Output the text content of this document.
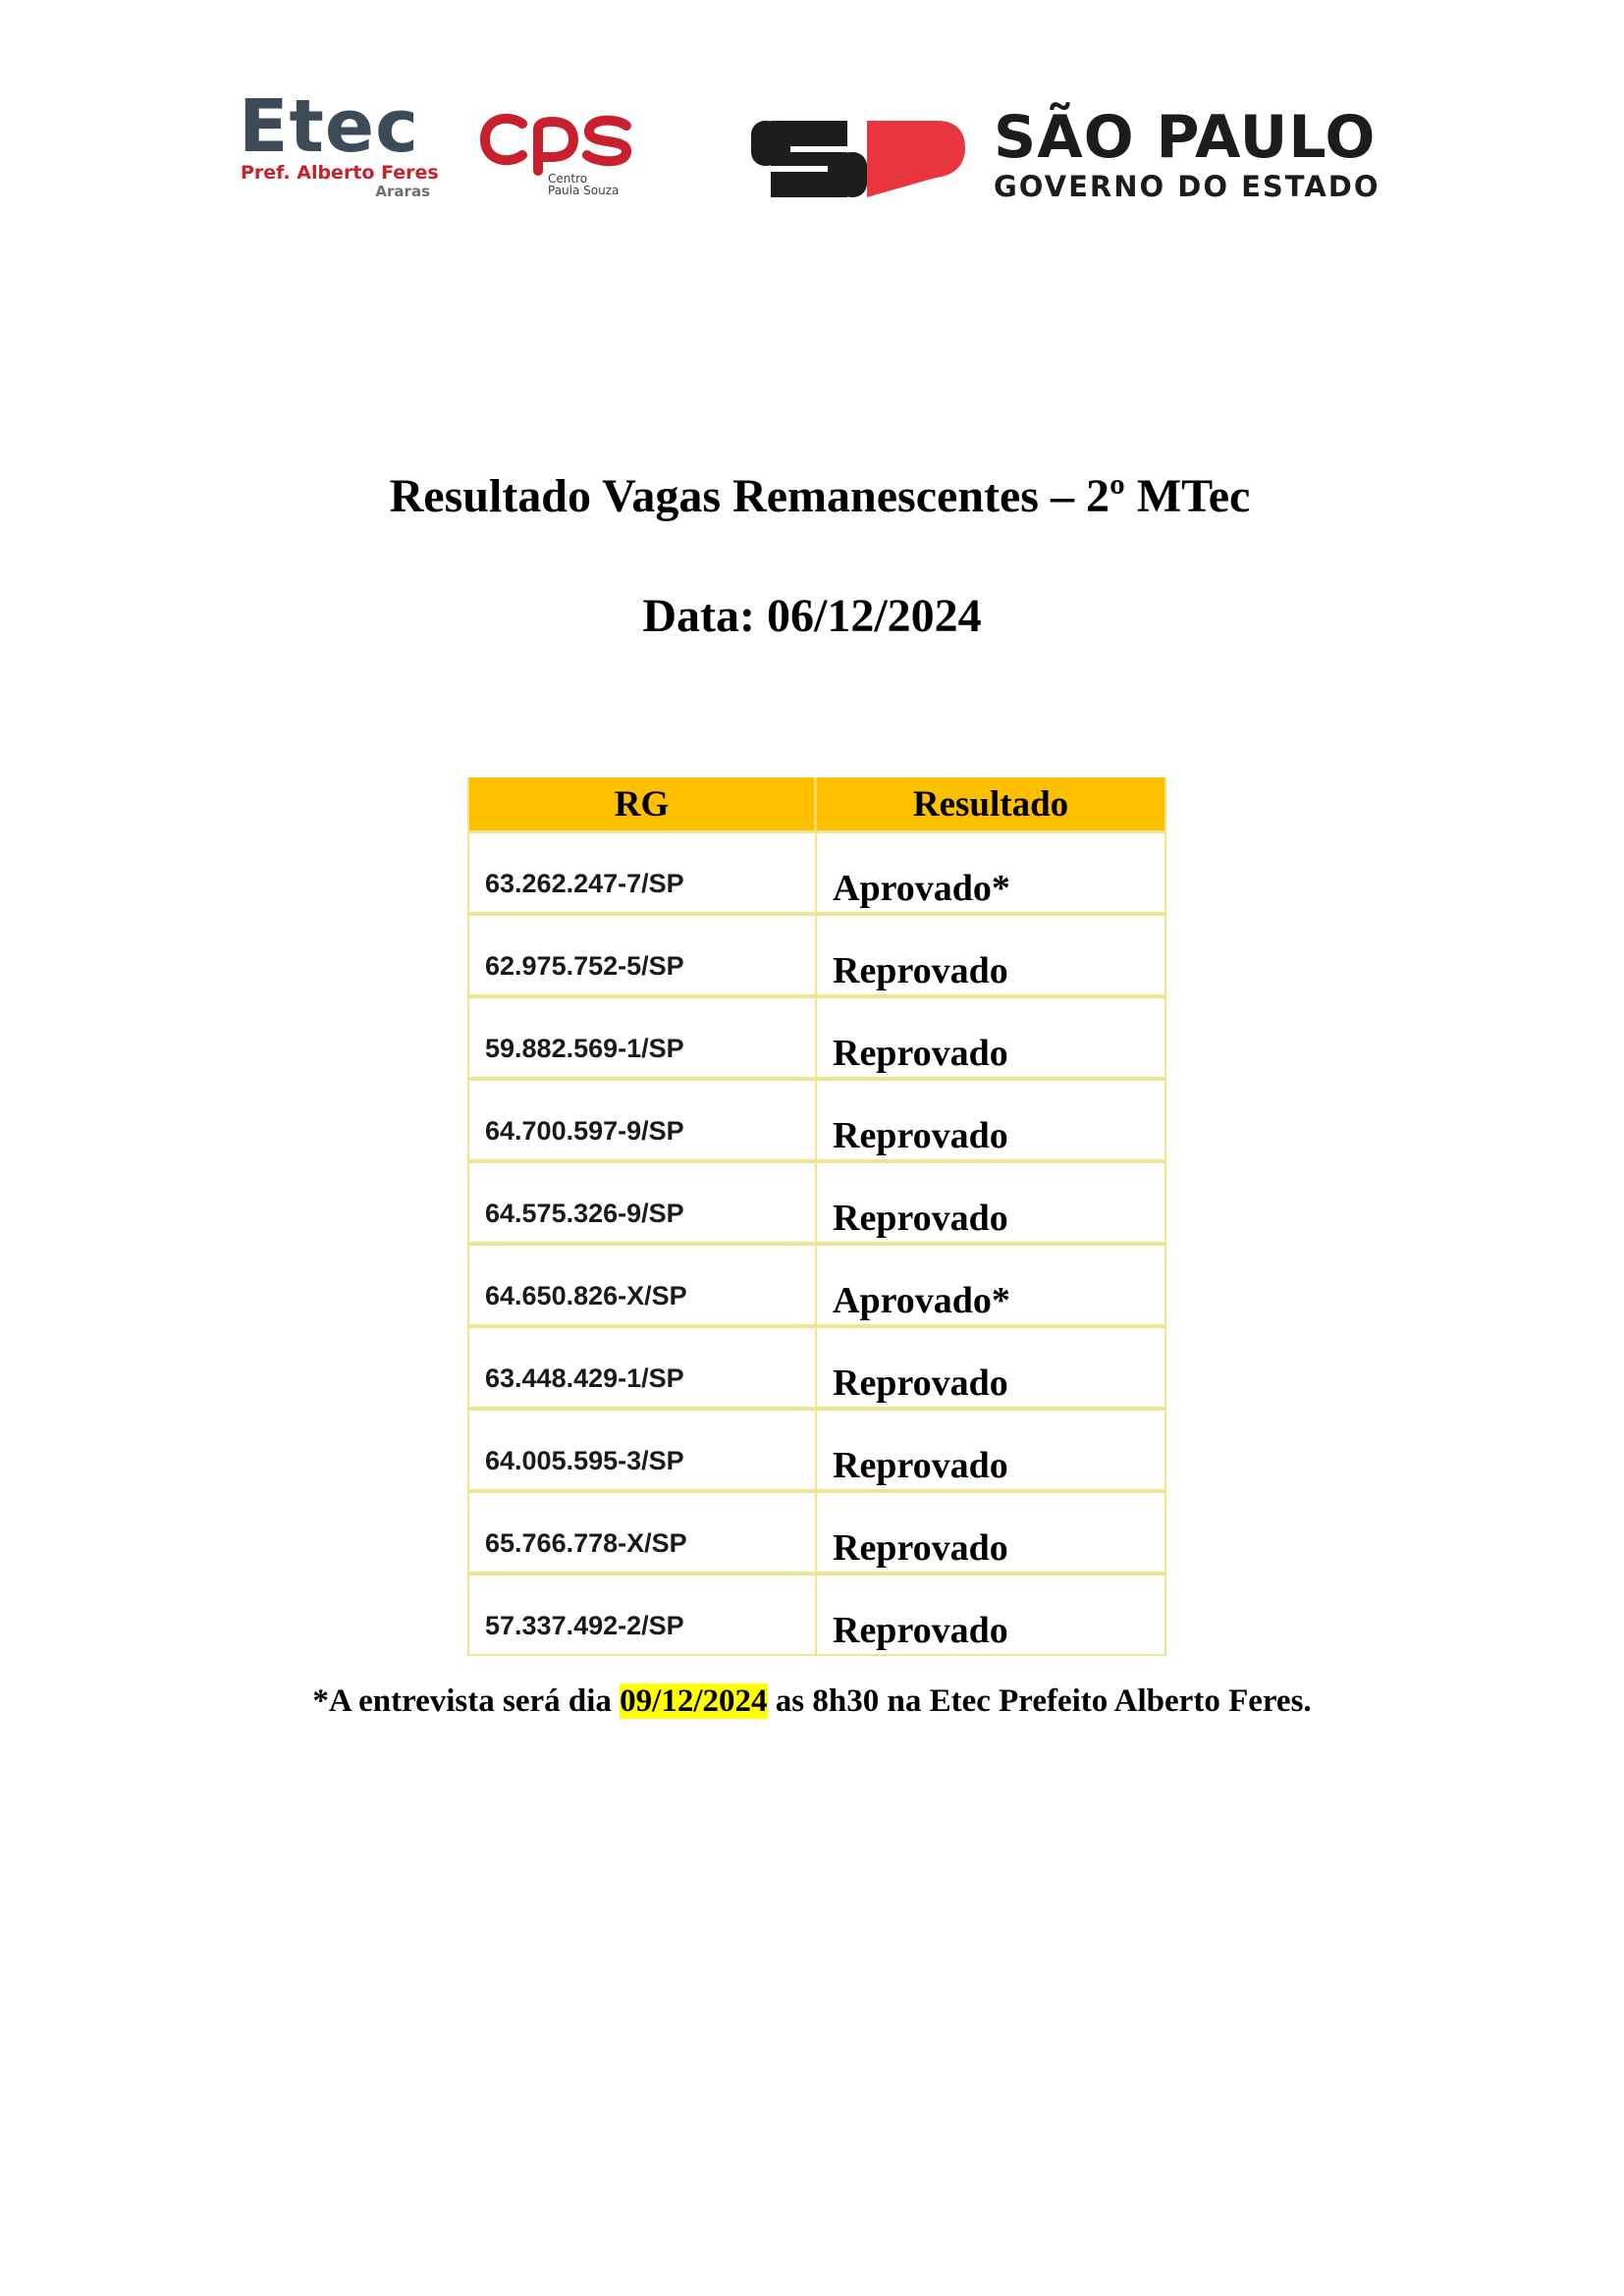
Etec
Pref. Alberto Feres
Araras
Centro
Paula Souza
SÃO PAULO
GOVERNO DO ESTADO
Resultado Vagas Remanescentes – 2º MTec
Data: 06/12/2024
RG	Resultado
63.262.247-7/SP	Aprovado*
62.975.752-5/SP	Reprovado
59.882.569-1/SP	Reprovado
64.700.597-9/SP	Reprovado
64.575.326-9/SP	Reprovado
64.650.826-X/SP	Aprovado*
63.448.429-1/SP	Reprovado
64.005.595-3/SP	Reprovado
65.766.778-X/SP	Reprovado
57.337.492-2/SP	Reprovado
*A entrevista será dia 09/12/2024 as 8h30 na Etec Prefeito Alberto Feres.
